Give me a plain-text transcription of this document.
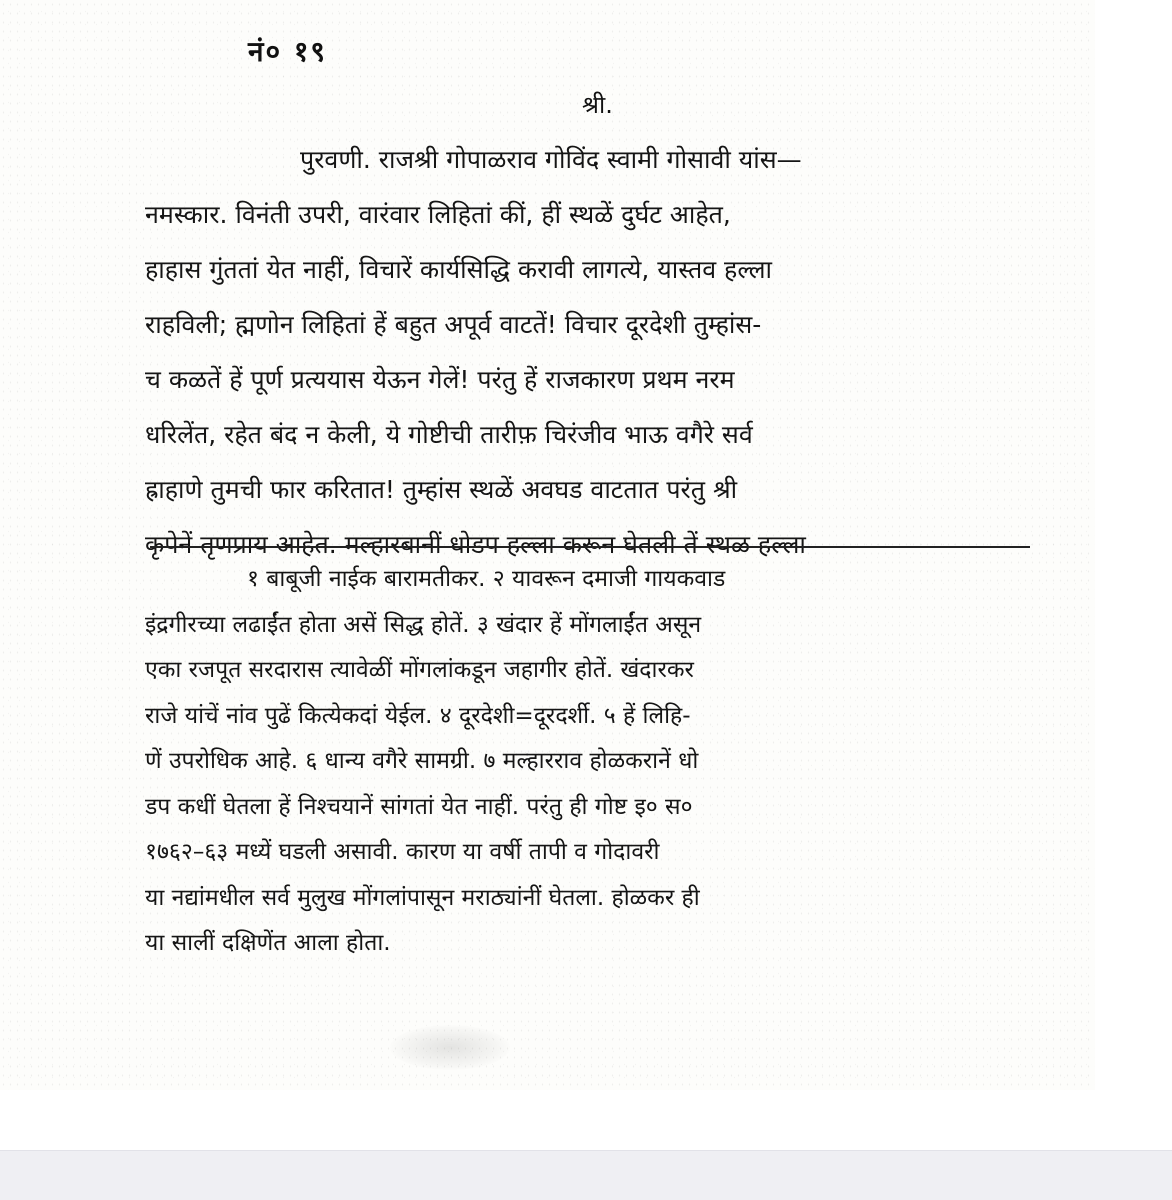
नं० १९
श्री.
पुरवणी. राजश्री गोपाळराव गोविंद स्वामी गोसावी यांस—
नमस्कार. विनंती उपरी, वारंवार लिहितां कीं, हीं स्थळें दुर्घट आहेत,
हाहास गुंततां येत नाहीं, विचारें कार्यसिद्धि करावी लागत्ये, यास्तव हल्ला
राहविली; ह्मणोन लिहितां हें बहुत अपूर्व वाटतें! विचार दूरदेशी तुम्हांस-
च कळतें हें पूर्ण प्रत्ययास येऊन गेलें! परंतु हें राजकारण प्रथम नरम
धरिलेंत, रहेत बंद न केली, ये गोष्टीची तारीफ़ चिरंजीव भाऊ वगैरे सर्व
ह्राहाणे तुमची फार करितात! तुम्हांस स्थळें अवघड वाटतात परंतु श्री
कृपेनें तृणप्राय आहेत. मल्हारबानीं धोडप हल्ला करून घेतली तें स्थळ हल्ला
१ बाबूजी नाईक बारामतीकर. २ यावरून दमाजी गायकवाड
इंद्रगीरच्या लढाईंत होता असें सिद्ध होतें. ३ खंदार हें मोंगलाईंत असून
एका रजपूत सरदारास त्यावेळीं मोंगलांकडून जहागीर होतें. खंदारकर
राजे यांचें नांव पुढें कित्येकदां येईल. ४ दूरदेशी=दूरदर्शी. ५ हें लिहि-
णें उपरोधिक आहे. ६ धान्य वगैरे सामग्री. ७ मल्हारराव होळकरानें धो
डप कधीं घेतला हें निश्चयानें सांगतां येत नाहीं. परंतु ही गोष्ट इ० स०
१७६२–६३ मध्यें घडली असावी. कारण या वर्षी तापी व गोदावरी
या नद्यांमधील सर्व मुलुख मोंगलांपासून मराठ्यांनीं घेतला. होळकर ही
या सालीं दक्षिणेंत आला होता.
